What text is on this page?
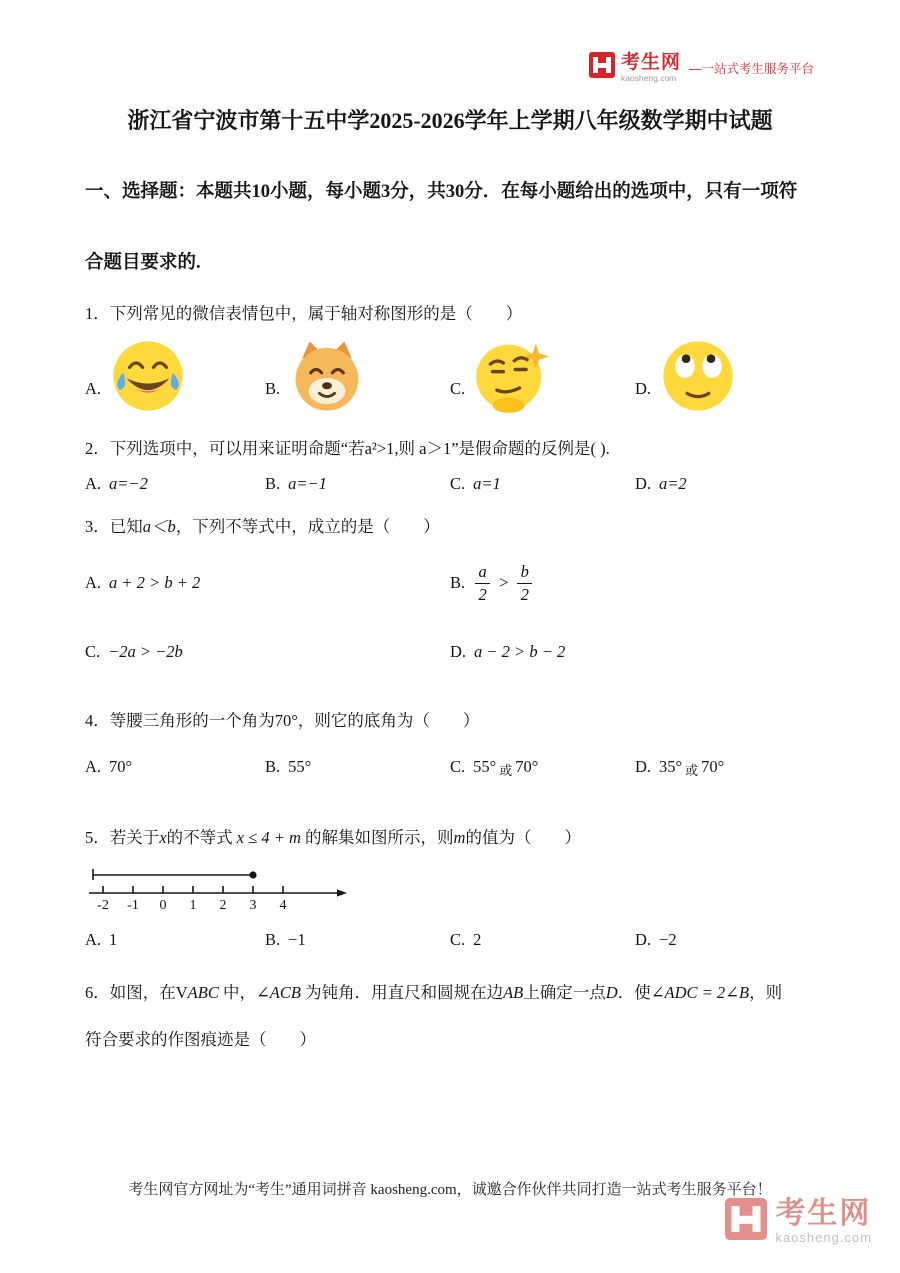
考生网
kaosheng.com
—一站式考生服务平台
浙江省宁波市第十五中学2025-2026学年上学期八年级数学期中试题

一、选择题：本题共10小题，每小题3分，共30分．在每小题给出的选项中，只有一项符

合题目要求的.

1．下列常见的微信表情包中，属于轴对称图形的是（　　）

A.	B.	C.	D.

2．下列选项中，可以用来证明命题“若a²>1,则 a＞1”是假命题的反例是( ).

A. a=−2	B. a=−1	C. a=1	D. a=2

3．已知a＜b，下列不等式中，成立的是（　　）

A. a + 2 > b + 2	B. $\frac{a}{2} > \frac{b}{2}$
C. −2a > −2b	D. a − 2 > b − 2

4．等腰三角形的一个角为70°，则它的底角为（　　）

A. 70°	B. 55°	C. 55° 或 70°	D. 35° 或 70°

5．若关于x的不等式 x ≤ 4 + m 的解集如图所示，则m的值为（　　）

-2 -1 0 1 2 3 4
A. 1	B. −1	C. 2	D. −2

6．如图，在VABC 中，∠ACB 为钝角．用直尺和圆规在边AB上确定一点D．使∠ADC = 2∠B，则

符合要求的作图痕迹是（　　）

考生网官方网址为“考生”通用词拼音 kaosheng.com，诚邀合作伙伴共同打造一站式考生服务平台！

考生网
kaosheng.com
